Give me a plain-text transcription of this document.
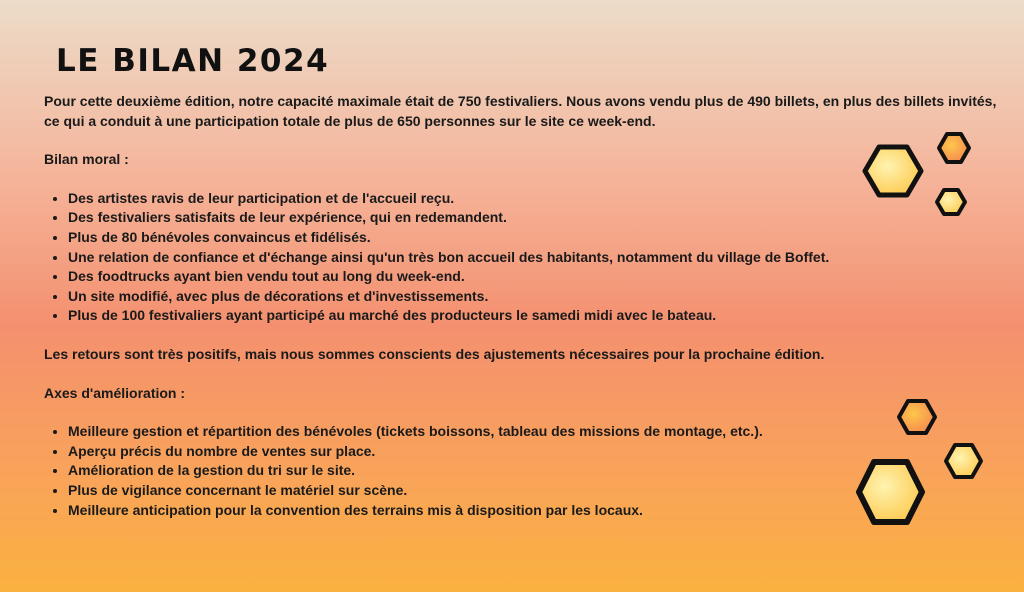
LE BILAN 2024

Pour cette deuxième édition, notre capacité maximale était de 750 festivaliers. Nous avons vendu plus de 490 billets, en plus des billets invités, ce qui a conduit à une participation totale de plus de 650 personnes sur le site ce week-end.

Bilan moral :

• Des artistes ravis de leur participation et de l'accueil reçu.
• Des festivaliers satisfaits de leur expérience, qui en redemandent.
• Plus de 80 bénévoles convaincus et fidélisés.
• Une relation de confiance et d'échange ainsi qu'un très bon accueil des habitants, notamment du village de Boffet.
• Des foodtrucks ayant bien vendu tout au long du week-end.
• Un site modifié, avec plus de décorations et d'investissements.
• Plus de 100 festivaliers ayant participé au marché des producteurs le samedi midi avec le bateau.

Les retours sont très positifs, mais nous sommes conscients des ajustements nécessaires pour la prochaine édition.

Axes d'amélioration :

• Meilleure gestion et répartition des bénévoles (tickets boissons, tableau des missions de montage, etc.).
• Aperçu précis du nombre de ventes sur place.
• Amélioration de la gestion du tri sur le site.
• Plus de vigilance concernant le matériel sur scène.
• Meilleure anticipation pour la convention des terrains mis à disposition par les locaux.
